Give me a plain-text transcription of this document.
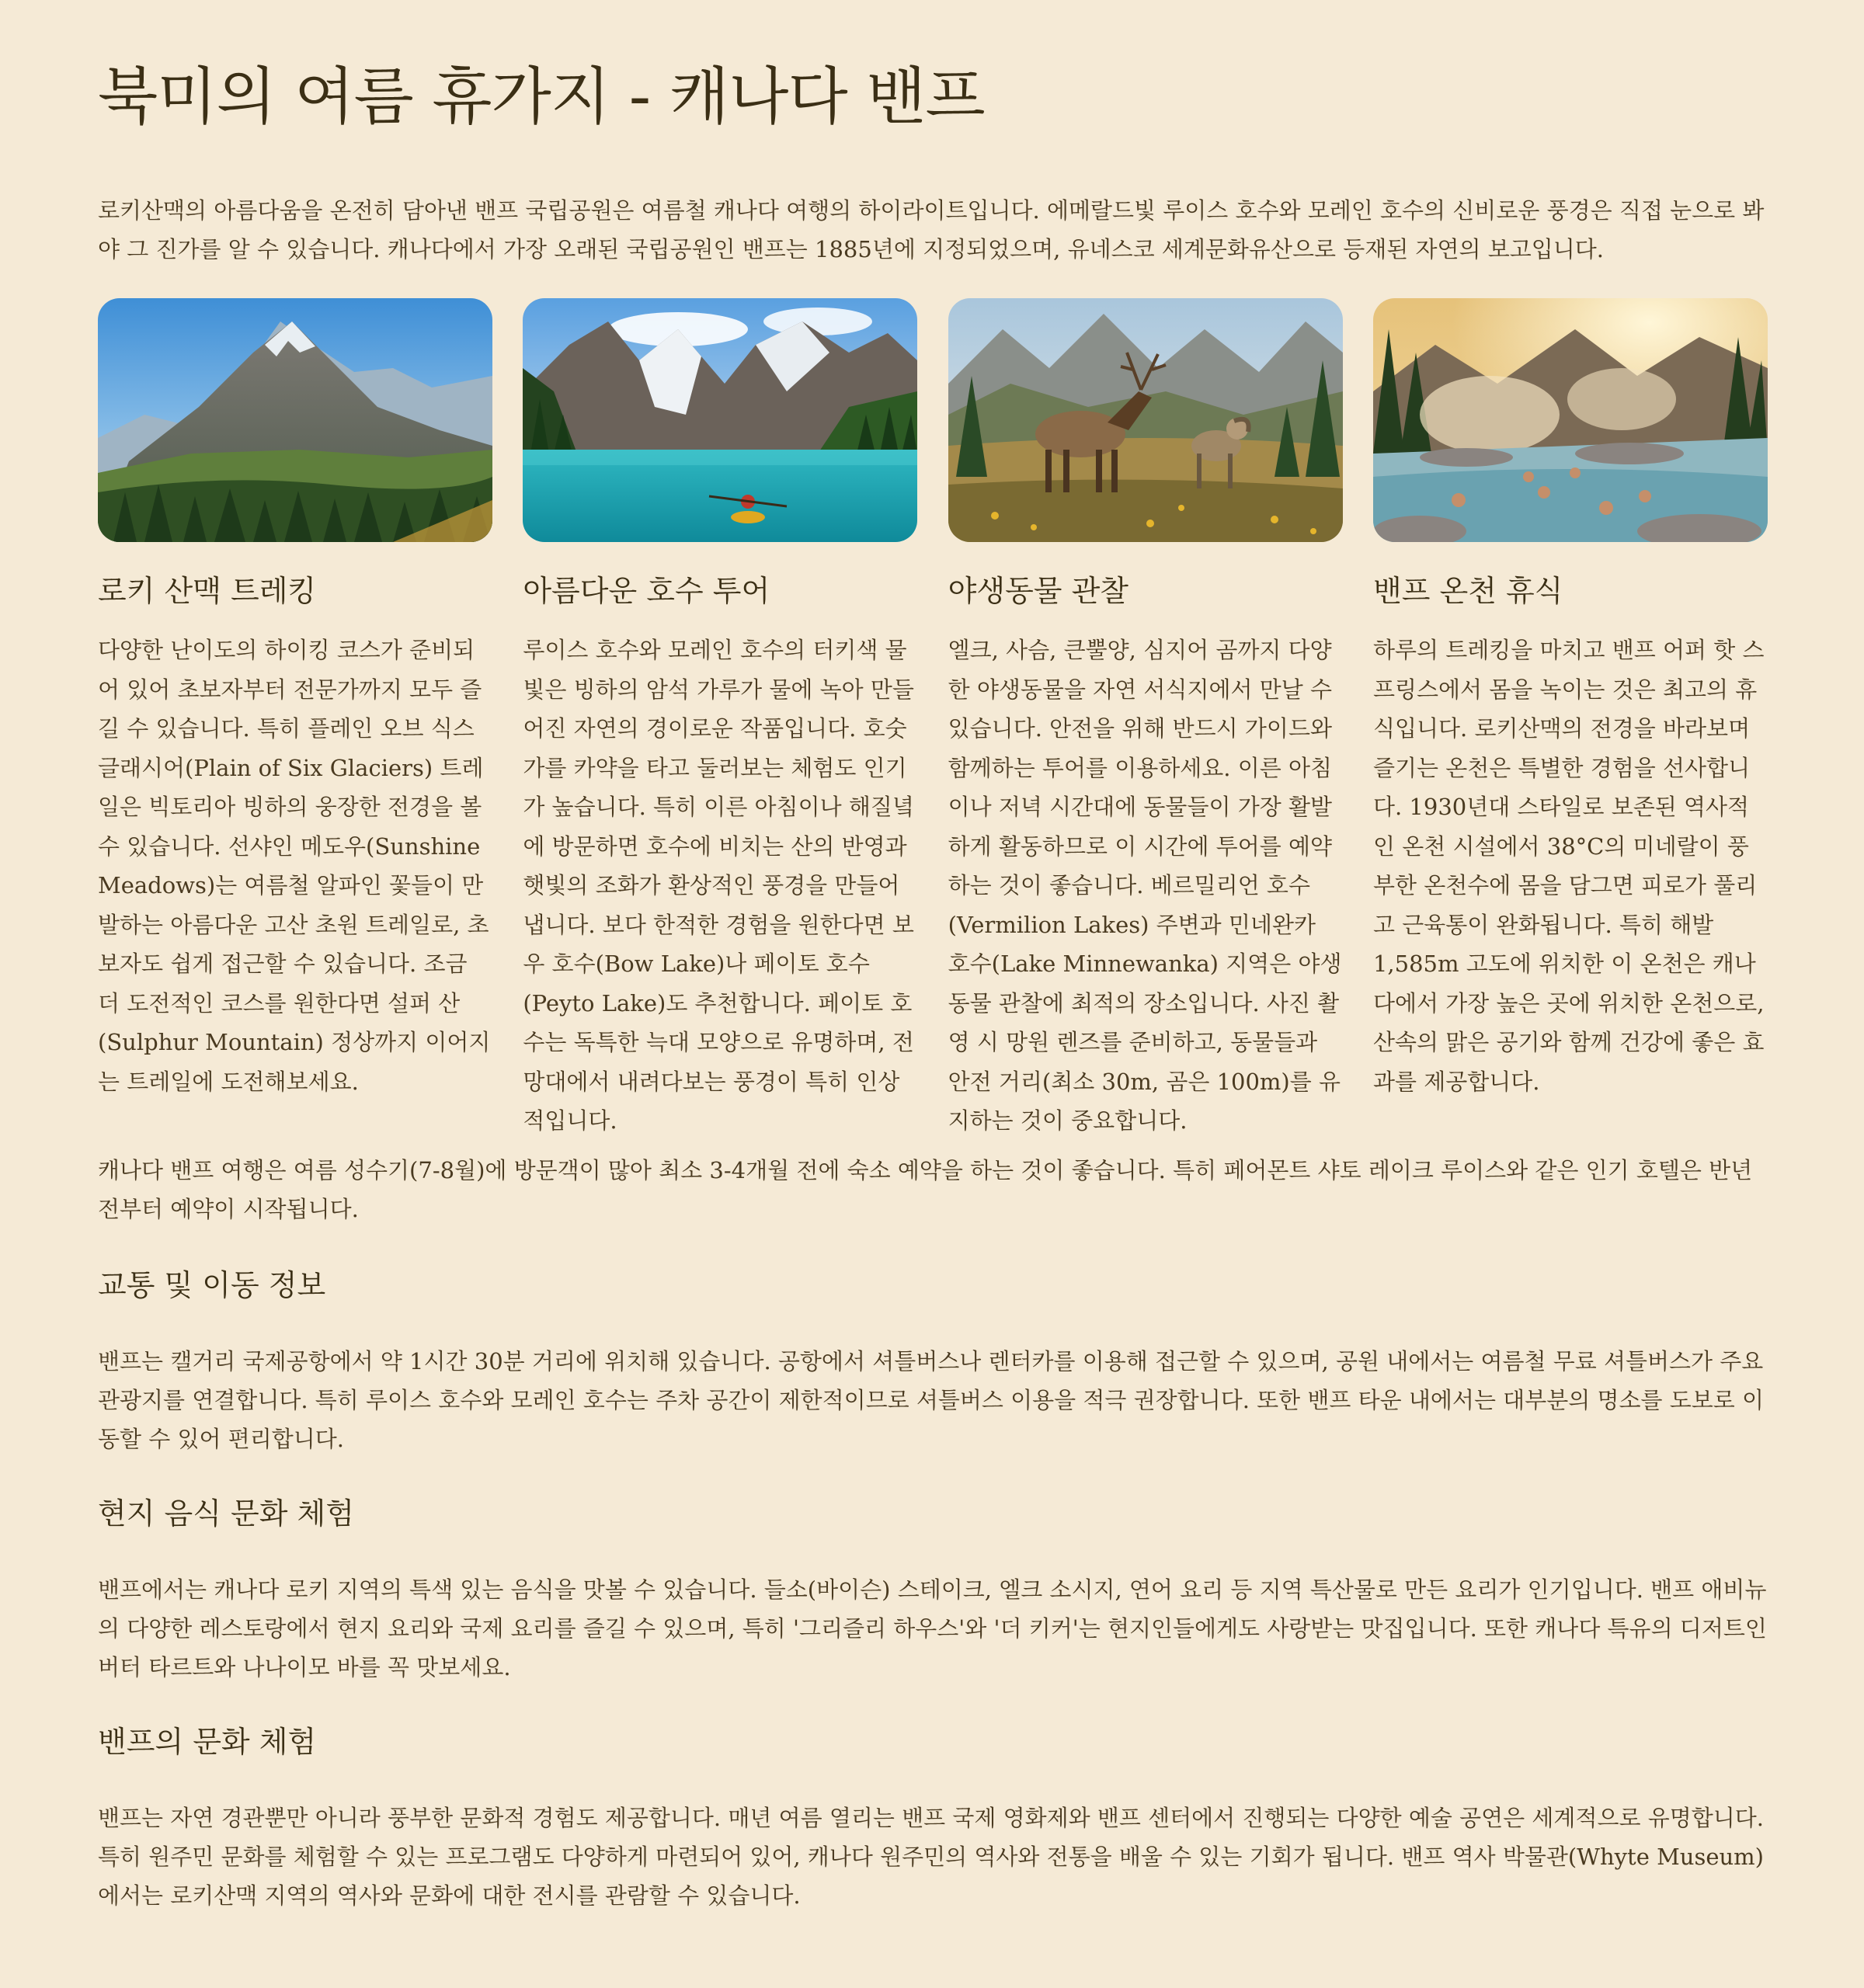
북미의 여름 휴가지 - 캐나다 밴프

로키산맥의 아름다움을 온전히 담아낸 밴프 국립공원은 여름철 캐나다 여행의 하이라이트입니다. 에메랄드빛 루이스 호수와 모레인 호수의 신비로운 풍경은 직접 눈으로 봐야 그 진가를 알 수 있습니다. 캐나다에서 가장 오래된 국립공원인 밴프는 1885년에 지정되었으며, 유네스코 세계문화유산으로 등재된 자연의 보고입니다.

로키 산맥 트레킹

다양한 난이도의 하이킹 코스가 준비되어 있어 초보자부터 전문가까지 모두 즐길 수 있습니다. 특히 플레인 오브 식스 글래시어(Plain of Six Glaciers) 트레일은 빅토리아 빙하의 웅장한 전경을 볼 수 있습니다. 선샤인 메도우(Sunshine Meadows)는 여름철 알파인 꽃들이 만발하는 아름다운 고산 초원 트레일로, 초보자도 쉽게 접근할 수 있습니다. 조금 더 도전적인 코스를 원한다면 설퍼 산(Sulphur Mountain) 정상까지 이어지는 트레일에 도전해보세요.

아름다운 호수 투어

루이스 호수와 모레인 호수의 터키색 물빛은 빙하의 암석 가루가 물에 녹아 만들어진 자연의 경이로운 작품입니다. 호숫가를 카약을 타고 둘러보는 체험도 인기가 높습니다. 특히 이른 아침이나 해질녘에 방문하면 호수에 비치는 산의 반영과 햇빛의 조화가 환상적인 풍경을 만들어냅니다. 보다 한적한 경험을 원한다면 보우 호수(Bow Lake)나 페이토 호수(Peyto Lake)도 추천합니다. 페이토 호수는 독특한 늑대 모양으로 유명하며, 전망대에서 내려다보는 풍경이 특히 인상적입니다.

야생동물 관찰

엘크, 사슴, 큰뿔양, 심지어 곰까지 다양한 야생동물을 자연 서식지에서 만날 수 있습니다. 안전을 위해 반드시 가이드와 함께하는 투어를 이용하세요. 이른 아침이나 저녁 시간대에 동물들이 가장 활발하게 활동하므로 이 시간에 투어를 예약하는 것이 좋습니다. 베르밀리언 호수(Vermilion Lakes) 주변과 민네완카 호수(Lake Minnewanka) 지역은 야생동물 관찰에 최적의 장소입니다. 사진 촬영 시 망원 렌즈를 준비하고, 동물들과 안전 거리(최소 30m, 곰은 100m)를 유지하는 것이 중요합니다.

밴프 온천 휴식

하루의 트레킹을 마치고 밴프 어퍼 핫 스프링스에서 몸을 녹이는 것은 최고의 휴식입니다. 로키산맥의 전경을 바라보며 즐기는 온천은 특별한 경험을 선사합니다. 1930년대 스타일로 보존된 역사적인 온천 시설에서 38°C의 미네랄이 풍부한 온천수에 몸을 담그면 피로가 풀리고 근육통이 완화됩니다. 특히 해발 1,585m 고도에 위치한 이 온천은 캐나다에서 가장 높은 곳에 위치한 온천으로, 산속의 맑은 공기와 함께 건강에 좋은 효과를 제공합니다.

캐나다 밴프 여행은 여름 성수기(7-8월)에 방문객이 많아 최소 3-4개월 전에 숙소 예약을 하는 것이 좋습니다. 특히 페어몬트 샤토 레이크 루이스와 같은 인기 호텔은 반년 전부터 예약이 시작됩니다.

교통 및 이동 정보

밴프는 캘거리 국제공항에서 약 1시간 30분 거리에 위치해 있습니다. 공항에서 셔틀버스나 렌터카를 이용해 접근할 수 있으며, 공원 내에서는 여름철 무료 셔틀버스가 주요 관광지를 연결합니다. 특히 루이스 호수와 모레인 호수는 주차 공간이 제한적이므로 셔틀버스 이용을 적극 권장합니다. 또한 밴프 타운 내에서는 대부분의 명소를 도보로 이동할 수 있어 편리합니다.

현지 음식 문화 체험

밴프에서는 캐나다 로키 지역의 특색 있는 음식을 맛볼 수 있습니다. 들소(바이슨) 스테이크, 엘크 소시지, 연어 요리 등 지역 특산물로 만든 요리가 인기입니다. 밴프 애비뉴의 다양한 레스토랑에서 현지 요리와 국제 요리를 즐길 수 있으며, 특히 '그리즐리 하우스'와 '더 키커'는 현지인들에게도 사랑받는 맛집입니다. 또한 캐나다 특유의 디저트인 버터 타르트와 나나이모 바를 꼭 맛보세요.

밴프의 문화 체험

밴프는 자연 경관뿐만 아니라 풍부한 문화적 경험도 제공합니다. 매년 여름 열리는 밴프 국제 영화제와 밴프 센터에서 진행되는 다양한 예술 공연은 세계적으로 유명합니다. 특히 원주민 문화를 체험할 수 있는 프로그램도 다양하게 마련되어 있어, 캐나다 원주민의 역사와 전통을 배울 수 있는 기회가 됩니다. 밴프 역사 박물관(Whyte Museum)에서는 로키산맥 지역의 역사와 문화에 대한 전시를 관람할 수 있습니다.
